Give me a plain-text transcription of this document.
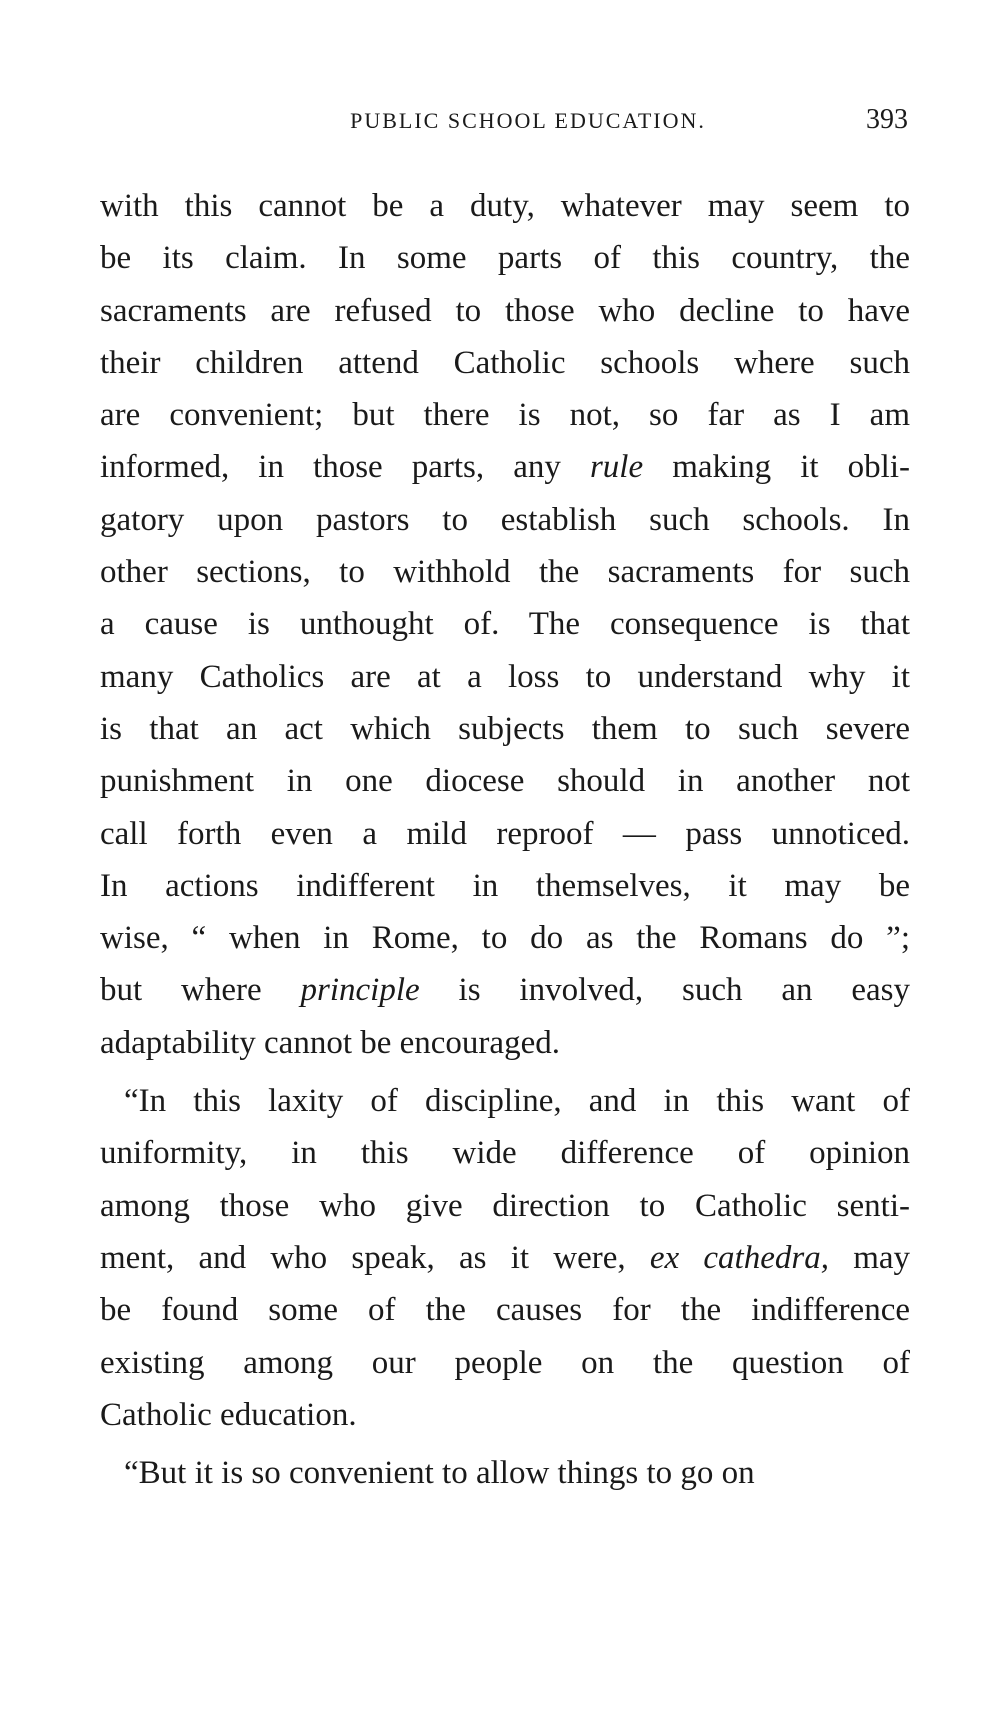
PUBLIC SCHOOL EDUCATION.	393
with this cannot be a duty, whatever may seem to
be its claim. In some parts of this country, the
sacraments are refused to those who decline to have
their children attend Catholic schools where such
are convenient; but there is not, so far as I am
informed, in those parts, any rule making it obli-
gatory upon pastors to establish such schools. In
other sections, to withhold the sacraments for such
a cause is unthought of. The consequence is that
many Catholics are at a loss to understand why it
is that an act which subjects them to such severe
punishment in one diocese should in another not
call forth even a mild reproof — pass unnoticed.
In actions indifferent in themselves, it may be
wise, “ when in Rome, to do as the Romans do ”;
but where principle is involved, such an easy
adaptability cannot be encouraged.
“In this laxity of discipline, and in this want of
uniformity, in this wide difference of opinion
among those who give direction to Catholic senti-
ment, and who speak, as it were, ex cathedra, may
be found some of the causes for the indifference
existing among our people on the question of
Catholic education.
“But it is so convenient to allow things to go on
